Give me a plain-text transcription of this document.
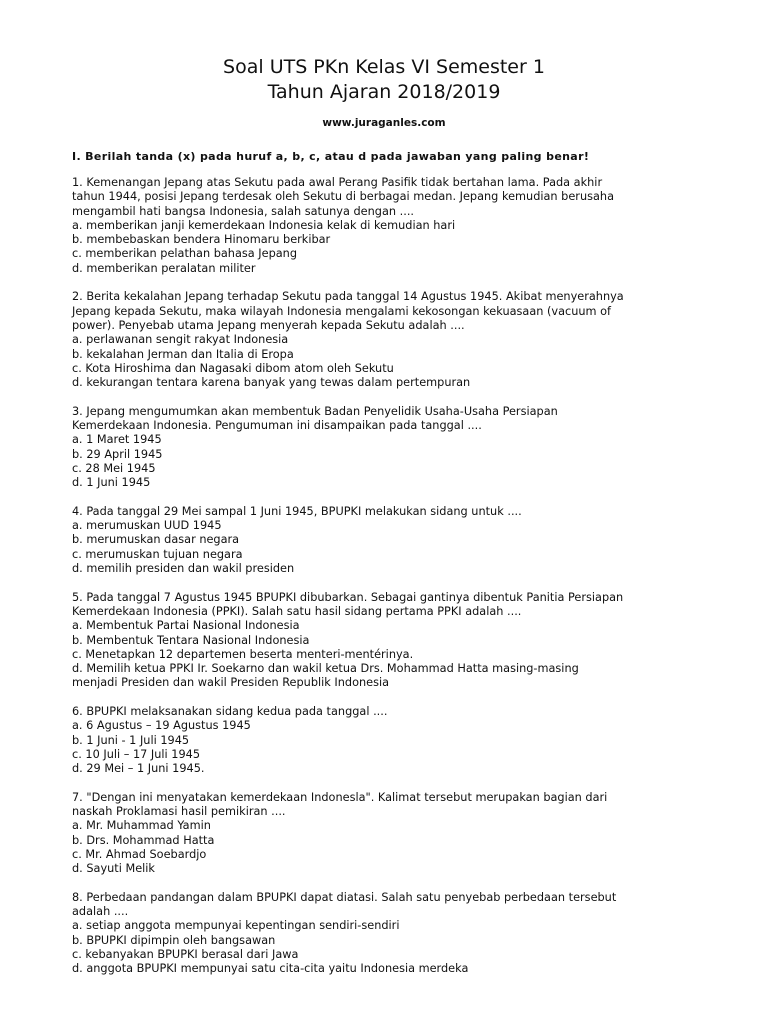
Soal UTS PKn Kelas VI Semester 1
Tahun Ajaran 2018/2019
www.juraganles.com
I. Berilah tanda (x) pada huruf a, b, c, atau d pada jawaban yang paling benar!
1. Kemenangan Jepang atas Sekutu pada awal Perang Pasifik tidak bertahan lama. Pada akhir
tahun 1944, posisi Jepang terdesak oleh Sekutu di berbagai medan. Jepang kemudian berusaha
mengambil hati bangsa Indonesia, salah satunya dengan ....
a. memberikan janji kemerdekaan Indonesia kelak di kemudian hari
b. membebaskan bendera Hinomaru berkibar
c. memberikan pelathan bahasa Jepang
d. memberikan peralatan militer
2. Berita kekalahan Jepang terhadap Sekutu pada tanggal 14 Agustus 1945. Akibat menyerahnya
Jepang kepada Sekutu, maka wilayah Indonesia mengalami kekosongan kekuasaan (vacuum of
power). Penyebab utama Jepang menyerah kepada Sekutu adalah ....
a. perlawanan sengit rakyat Indonesia
b. kekalahan Jerman dan Italia di Eropa
c. Kota Hiroshima dan Nagasaki dibom atom oleh Sekutu
d. kekurangan tentara karena banyak yang tewas dalam pertempuran
3. Jepang mengumumkan akan membentuk Badan Penyelidik Usaha-Usaha Persiapan
Kemerdekaan Indonesia. Pengumuman ini disampaikan pada tanggal ....
a. 1 Maret 1945
b. 29 April 1945
c. 28 Mei 1945
d. 1 Juni 1945
4. Pada tanggal 29 Mei sampal 1 Juni 1945, BPUPKI melakukan sidang untuk ....
a. merumuskan UUD 1945
b. merumuskan dasar negara
c. merumuskan tujuan negara
d. memilih presiden dan wakil presiden
5. Pada tanggal 7 Agustus 1945 BPUPKI dibubarkan. Sebagai gantinya dibentuk Panitia Persiapan
Kemerdekaan Indonesia (PPKI). Salah satu hasil sidang pertama PPKI adalah ....
a. Membentuk Partai Nasional Indonesia
b. Membentuk Tentara Nasional Indonesia
c. Menetapkan 12 departemen beserta menteri-mentérinya.
d. Memilih ketua PPKI Ir. Soekarno dan wakil ketua Drs. Mohammad Hatta masing-masing
menjadi Presiden dan wakil Presiden Republik Indonesia
6. BPUPKI melaksanakan sidang kedua pada tanggal ....
a. 6 Agustus – 19 Agustus 1945
b. 1 Juni - 1 Juli 1945
c. 10 Juli – 17 Juli 1945
d. 29 Mei – 1 Juni 1945.
7. "Dengan ini menyatakan kemerdekaan Indonesla". Kalimat tersebut merupakan bagian dari
naskah Proklamasi hasil pemikiran ....
a. Mr. Muhammad Yamin
b. Drs. Mohammad Hatta
c. Mr. Ahmad Soebardjo
d. Sayuti Melik
8. Perbedaan pandangan dalam BPUPKI dapat diatasi. Salah satu penyebab perbedaan tersebut
adalah ....
a. setiap anggota mempunyai kepentingan sendiri-sendiri
b. BPUPKI dipimpin oleh bangsawan
c. kebanyakan BPUPKI berasal dari Jawa
d. anggota BPUPKI mempunyai satu cita-cita yaitu Indonesia merdeka
